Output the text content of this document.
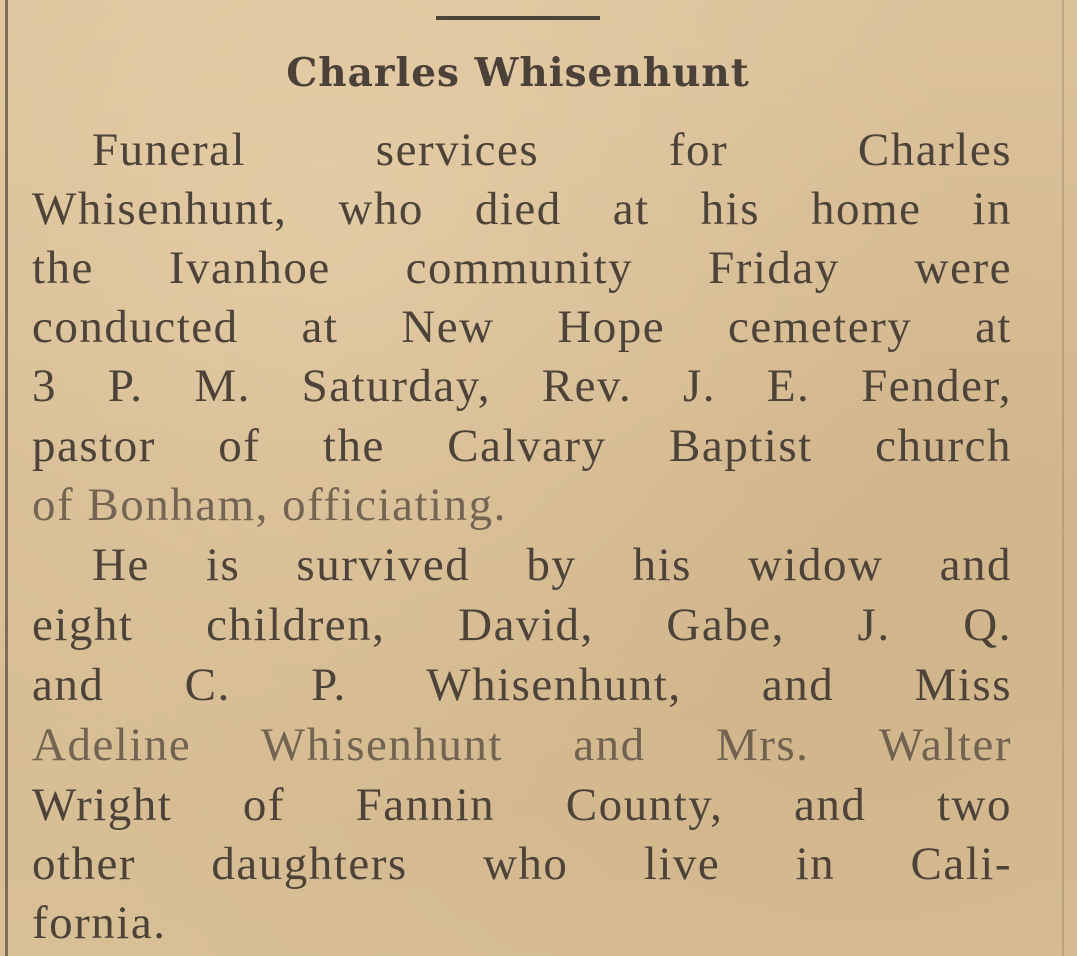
Charles Whisenhunt
Funeral services for Charles
Whisenhunt, who died at his home in
the Ivanhoe community Friday were
conducted at New Hope cemetery at
3 P. M. Saturday, Rev. J. E. Fender,
pastor of the Calvary Baptist church
of Bonham, officiating.
He is survived by his widow and
eight children, David, Gabe, J. Q.
and C. P. Whisenhunt, and Miss
Adeline Whisenhunt and Mrs. Walter
Wright of Fannin County, and two
other daughters who live in Cali-
fornia.
